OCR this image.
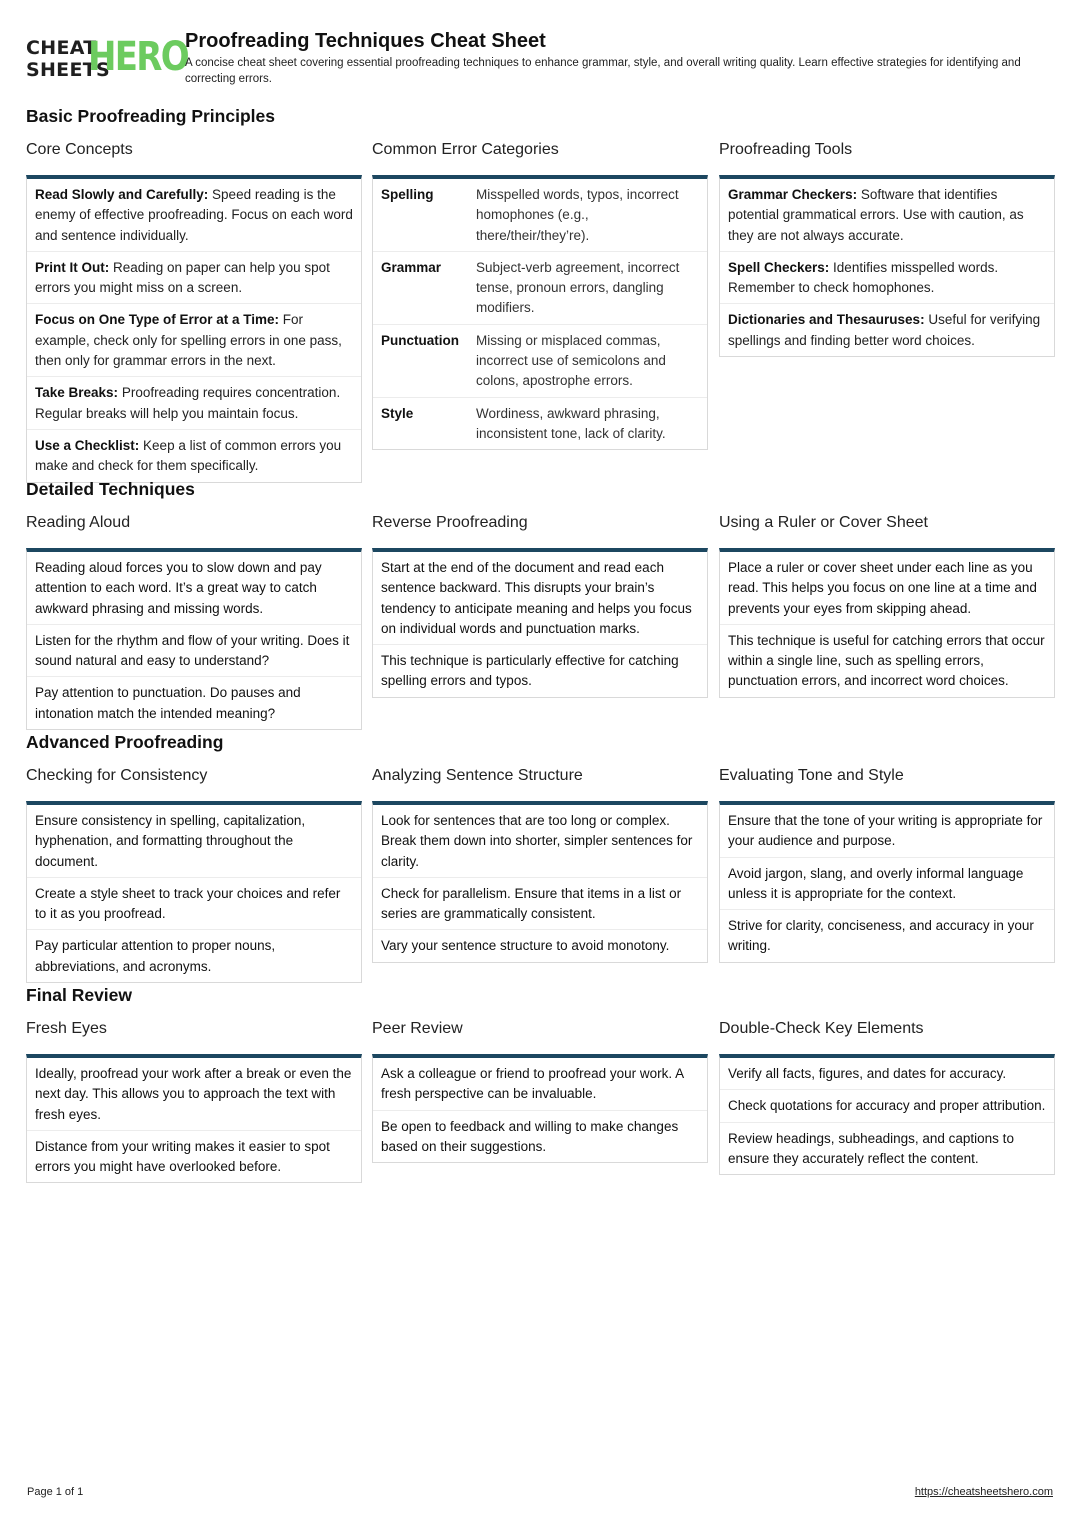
CHEAT
SHEETS
HERO
Proofreading Techniques Cheat Sheet
A concise cheat sheet covering essential proofreading techniques to enhance grammar, style, and overall writing quality. Learn effective strategies for identifying and correcting errors.
Basic Proofreading Principles
Core Concepts
Read Slowly and Carefully: Speed reading is the enemy of effective proofreading. Focus on each word and sentence individually.
Print It Out: Reading on paper can help you spot errors you might miss on a screen.
Focus on One Type of Error at a Time: For example, check only for spelling errors in one pass, then only for grammar errors in the next.
Take Breaks: Proofreading requires concentration. Regular breaks will help you maintain focus.
Use a Checklist: Keep a list of common errors you make and check for them specifically.
Common Error Categories
Spelling	Misspelled words, typos, incorrect homophones (e.g., there/their/they’re).
Grammar	Subject-verb agreement, incorrect tense, pronoun errors, dangling modifiers.
Punctuation	Missing or misplaced commas, incorrect use of semicolons and colons, apostrophe errors.
Style	Wordiness, awkward phrasing, inconsistent tone, lack of clarity.
Proofreading Tools
Grammar Checkers: Software that identifies potential grammatical errors. Use with caution, as they are not always accurate.
Spell Checkers: Identifies misspelled words. Remember to check homophones.
Dictionaries and Thesauruses: Useful for verifying spellings and finding better word choices.
Detailed Techniques
Reading Aloud
Reading aloud forces you to slow down and pay attention to each word. It’s a great way to catch awkward phrasing and missing words.
Listen for the rhythm and flow of your writing. Does it sound natural and easy to understand?
Pay attention to punctuation. Do pauses and intonation match the intended meaning?
Reverse Proofreading
Start at the end of the document and read each sentence backward. This disrupts your brain’s tendency to anticipate meaning and helps you focus on individual words and punctuation marks.
This technique is particularly effective for catching spelling errors and typos.
Using a Ruler or Cover Sheet
Place a ruler or cover sheet under each line as you read. This helps you focus on one line at a time and prevents your eyes from skipping ahead.
This technique is useful for catching errors that occur within a single line, such as spelling errors, punctuation errors, and incorrect word choices.
Advanced Proofreading
Checking for Consistency
Ensure consistency in spelling, capitalization, hyphenation, and formatting throughout the document.
Create a style sheet to track your choices and refer to it as you proofread.
Pay particular attention to proper nouns, abbreviations, and acronyms.
Analyzing Sentence Structure
Look for sentences that are too long or complex. Break them down into shorter, simpler sentences for clarity.
Check for parallelism. Ensure that items in a list or series are grammatically consistent.
Vary your sentence structure to avoid monotony.
Evaluating Tone and Style
Ensure that the tone of your writing is appropriate for your audience and purpose.
Avoid jargon, slang, and overly informal language unless it is appropriate for the context.
Strive for clarity, conciseness, and accuracy in your writing.
Final Review
Fresh Eyes
Ideally, proofread your work after a break or even the next day. This allows you to approach the text with fresh eyes.
Distance from your writing makes it easier to spot errors you might have overlooked before.
Peer Review
Ask a colleague or friend to proofread your work. A fresh perspective can be invaluable.
Be open to feedback and willing to make changes based on their suggestions.
Double-Check Key Elements
Verify all facts, figures, and dates for accuracy.
Check quotations for accuracy and proper attribution.
Review headings, subheadings, and captions to ensure they accurately reflect the content.
Page 1 of 1	https://cheatsheetshero.com
